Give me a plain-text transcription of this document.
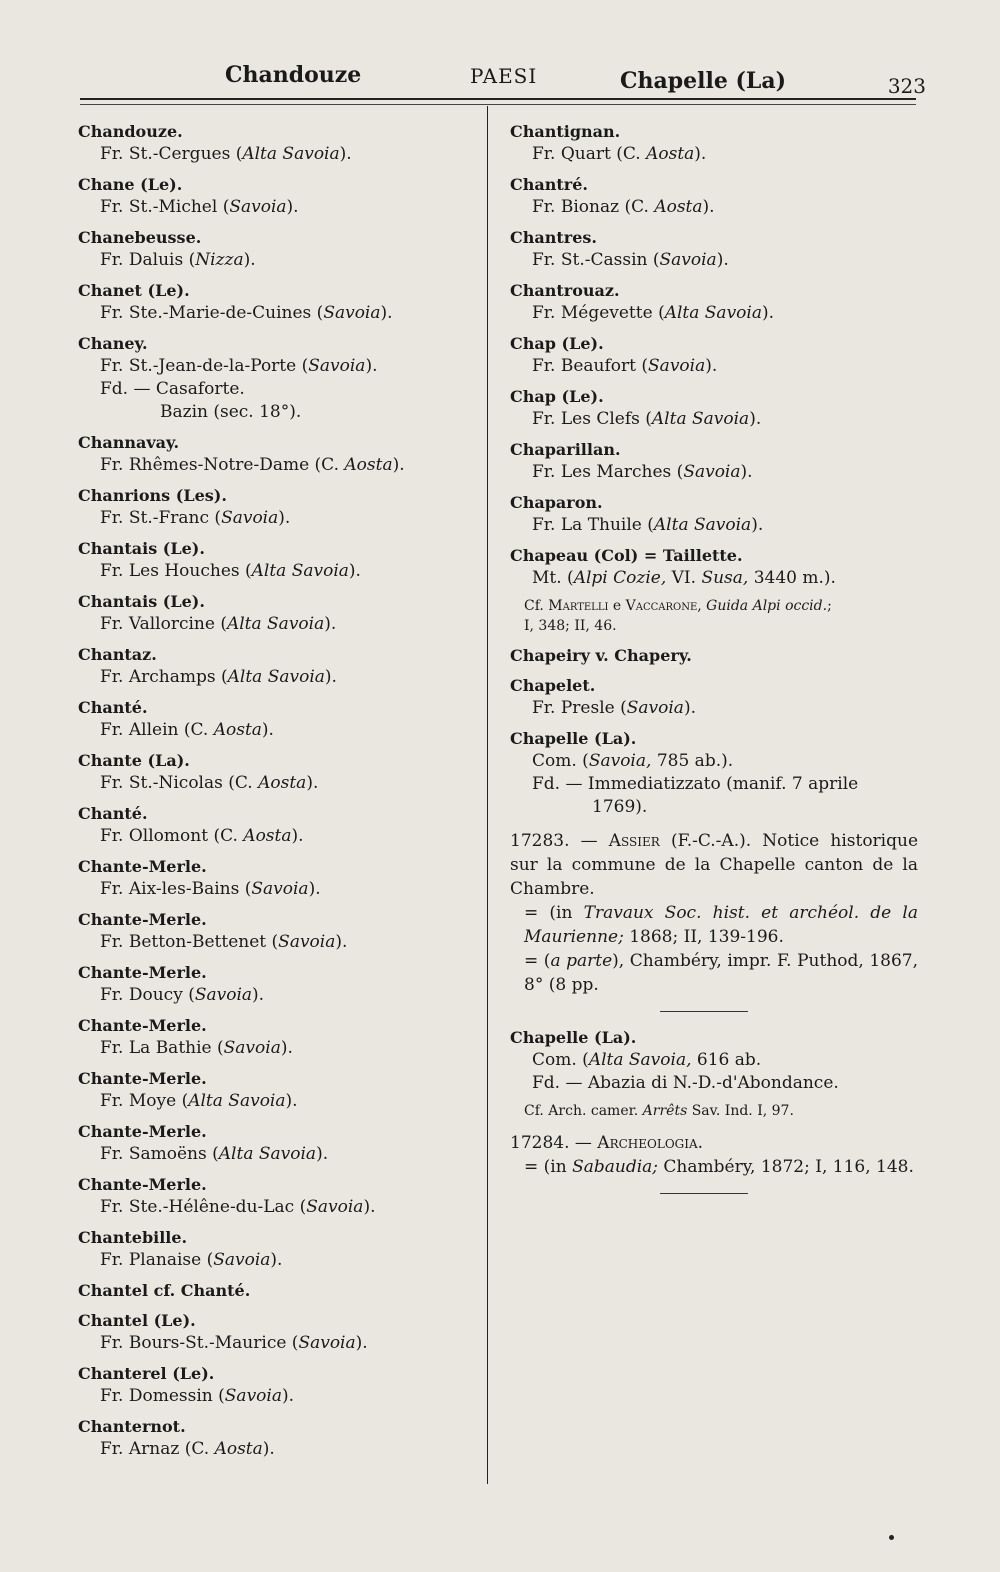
Chandouze	PAESI	Chapelle (La)	323
Chandouze.
Fr. St.-Cergues (Alta Savoia).
Chane (Le).
Fr. St.-Michel (Savoia).
Chanebeusse.
Fr. Daluis (Nizza).
Chanet (Le).
Fr. Ste.-Marie-de-Cuines (Savoia).
Chaney.
Fr. St.-Jean-de-la-Porte (Savoia).
Fd. — Casaforte.
Bazin (sec. 18°).
Channavay.
Fr. Rhêmes-Notre-Dame (C. Aosta).
Chanrions (Les).
Fr. St.-Franc (Savoia).
Chantais (Le).
Fr. Les Houches (Alta Savoia).
Chantais (Le).
Fr. Vallorcine (Alta Savoia).
Chantaz.
Fr. Archamps (Alta Savoia).
Chanté.
Fr. Allein (C. Aosta).
Chante (La).
Fr. St.-Nicolas (C. Aosta).
Chanté.
Fr. Ollomont (C. Aosta).
Chante-Merle.
Fr. Aix-les-Bains (Savoia).
Chante-Merle.
Fr. Betton-Bettenet (Savoia).
Chante-Merle.
Fr. Doucy (Savoia).
Chante-Merle.
Fr. La Bathie (Savoia).
Chante-Merle.
Fr. Moye (Alta Savoia).
Chante-Merle.
Fr. Samoëns (Alta Savoia).
Chante-Merle.
Fr. Ste.-Hélêne-du-Lac (Savoia).
Chantebille.
Fr. Planaise (Savoia).
Chantel cf. Chanté.
Chantel (Le).
Fr. Bours-St.-Maurice (Savoia).
Chanterel (Le).
Fr. Domessin (Savoia).
Chanternot.
Fr. Arnaz (C. Aosta).
Chantignan.
Fr. Quart (C. Aosta).
Chantré.
Fr. Bionaz (C. Aosta).
Chantres.
Fr. St.-Cassin (Savoia).
Chantrouaz.
Fr. Mégevette (Alta Savoia).
Chap (Le).
Fr. Beaufort (Savoia).
Chap (Le).
Fr. Les Clefs (Alta Savoia).
Chaparillan.
Fr. Les Marches (Savoia).
Chaparon.
Fr. La Thuile (Alta Savoia).
Chapeau (Col) = Taillette.
Mt. (Alpi Cozie, VI. Susa, 3440 m.).
Cf. Martelli e Vaccarone, Guida Alpi occid.;
I, 348; II, 46.
Chapeiry v. Chapery.
Chapelet.
Fr. Presle (Savoia).
Chapelle (La).
Com. (Savoia, 785 ab.).
Fd. — Immediatizzato (manif. 7 aprile
1769).
17283. — Assier (F.-C.-A.). Notice historique sur la commune de la Chapelle canton de la Chambre.
= (in Travaux Soc. hist. et archéol. de la Maurienne; 1868; II, 139-196.
= (a parte), Chambéry, impr. F. Puthod, 1867, 8° (8 pp.
Chapelle (La).
Com. (Alta Savoia, 616 ab.
Fd. — Abazia di N.-D.-d'Abondance.
Cf. Arch. camer. Arrêts Sav. Ind. I, 97.
17284. — Archeologia.
= (in Sabaudia; Chambéry, 1872; I, 116, 148.
